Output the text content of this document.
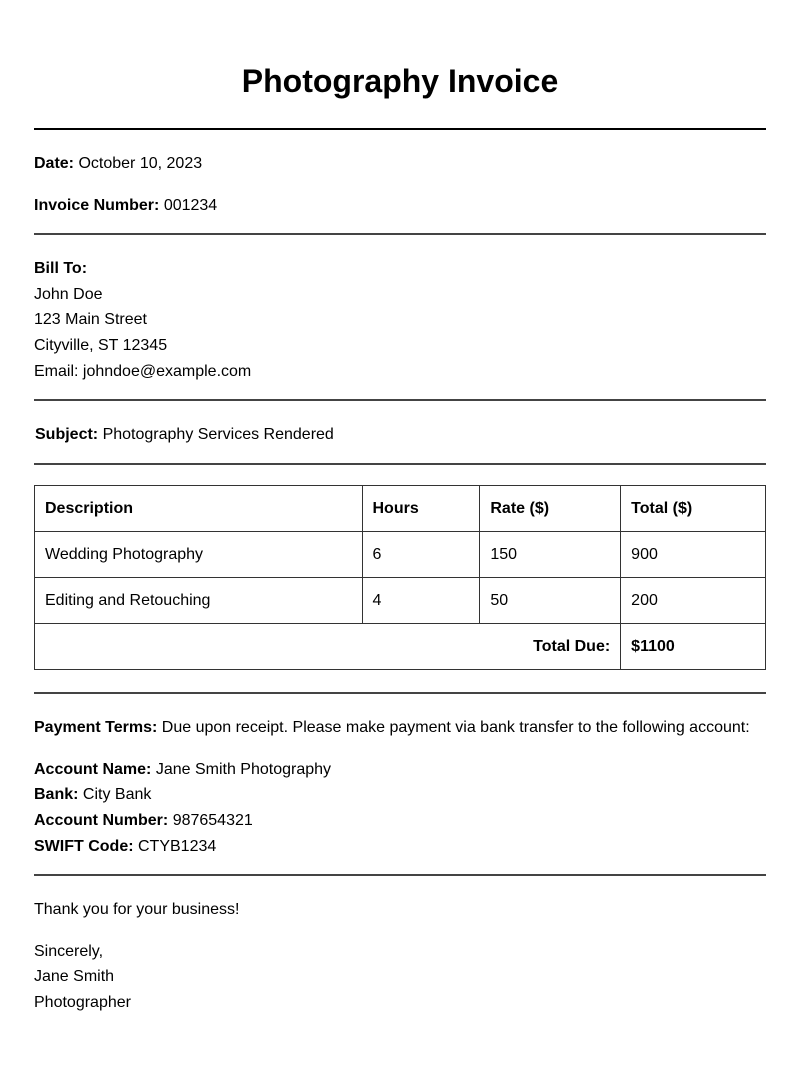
Photography Invoice
Date: October 10, 2023
Invoice Number: 001234
Bill To:
John Doe
123 Main Street
Cityville, ST 12345
Email: johndoe@example.com
Subject: Photography Services Rendered
Description	Hours	Rate ($)	Total ($)
Wedding Photography	6	150	900
Editing and Retouching	4	50	200
Total Due:			$1100
Payment Terms: Due upon receipt. Please make payment via bank transfer to the following account:
Account Name: Jane Smith Photography
Bank: City Bank
Account Number: 987654321
SWIFT Code: CTYB1234
Thank you for your business!
Sincerely,
Jane Smith
Photographer
